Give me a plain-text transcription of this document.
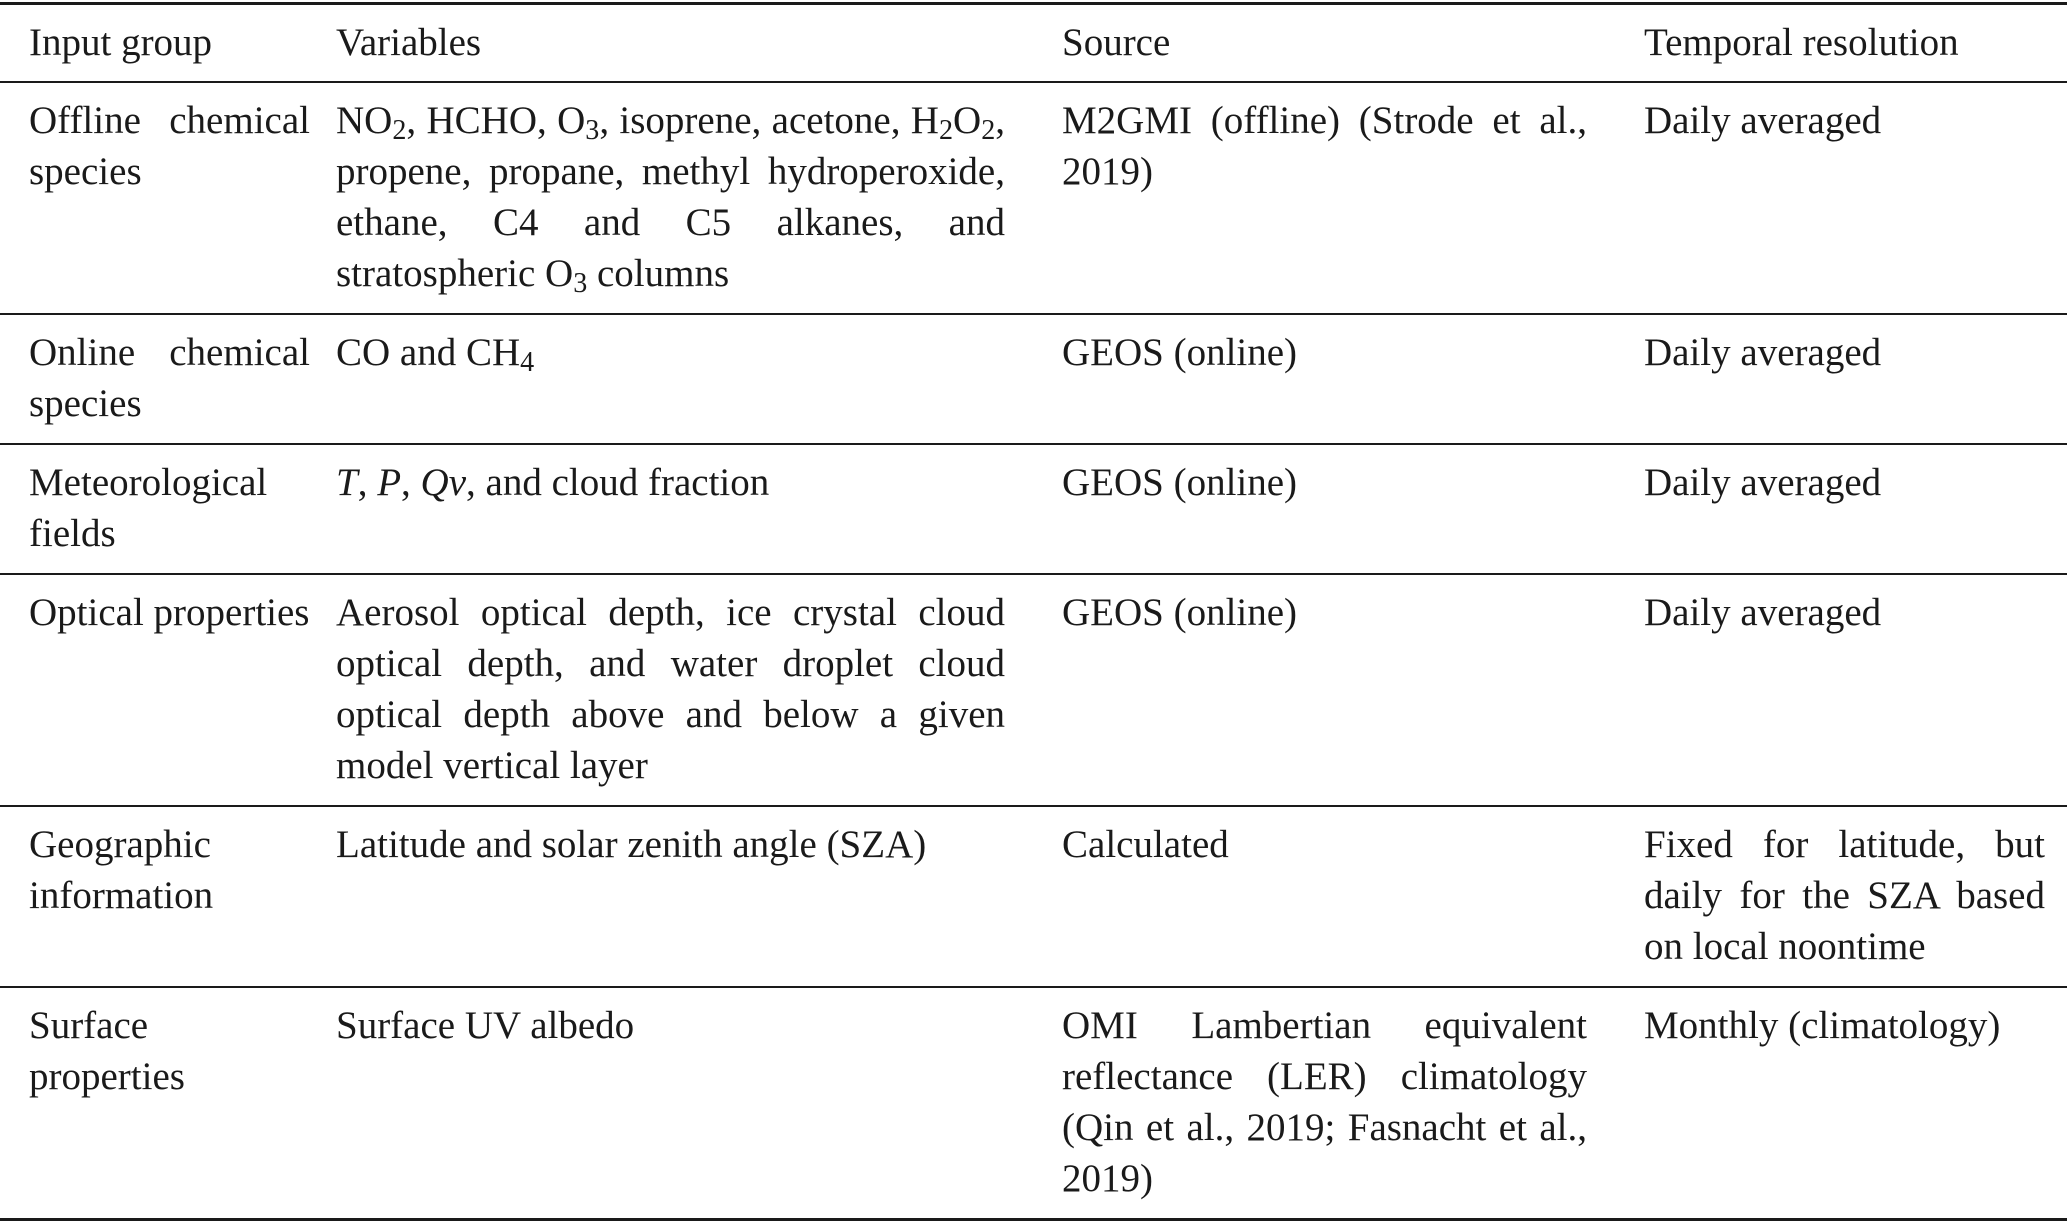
Input group	Variables	Source	Temporal resolution
Offline chemical species	$NO_2$, HCHO, $O_3$, isoprene, acetone, $H_2O_2$, propene, propane, methyl hydroperoxide, ethane, C4 and C5 alkanes, and stratospheric $O_3$ columns	M2GMI (offline) (Strode et al., 2019)	Daily averaged
Online chemical species	CO and $CH_4$	GEOS (online)	Daily averaged
Meteorological fields	T, P, Qv, and cloud fraction	GEOS (online)	Daily averaged
Optical properties	Aerosol optical depth, ice crystal cloud optical depth, and water droplet cloud optical depth above and below a given model vertical layer	GEOS (online)	Daily averaged
Geographic information	Latitude and solar zenith angle (SZA)	Calculated	Fixed for latitude, but daily for the SZA based on local noontime
Surface properties	Surface UV albedo	OMI Lambertian equivalent reflectance (LER) climatology (Qin et al., 2019; Fasnacht et al., 2019)	Monthly (climatology)
